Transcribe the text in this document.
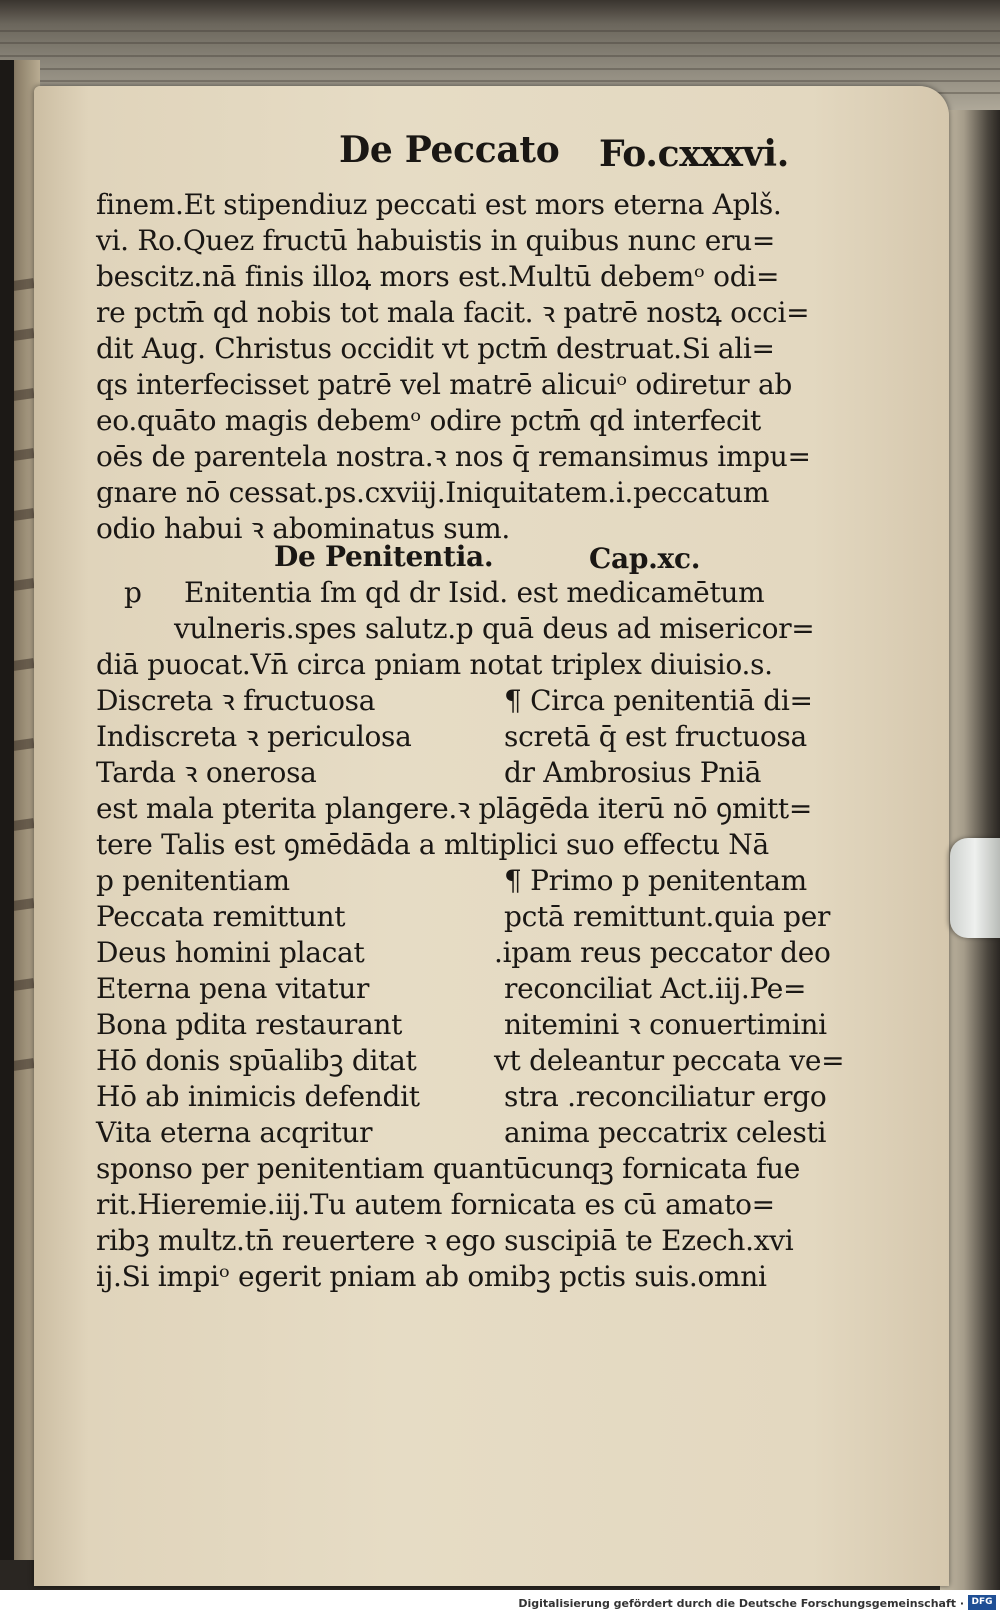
De Peccato Fo.cxxxvi.
finem.Et stipendiuz peccati est mors eterna Aplš.
vi. Ro.Quez fructū habuistis in quibus nunc eru=
bescitz.nā finis illoꝝ mors est.Multū debemᵒ odi=
re pctm̄ qd nobis tot mala facit. ꝛ patrē nostꝝ occi=
dit Aug. Christus occidit vt pctm̄ destruat.Si ali=
qs interfecisset patrē vel matrē alicuiᵒ odiretur ab
eo.quāto magis debemᵒ odire pctm̄ qd interfecit
oēs de parentela nostra.ꝛ nos q̄ remansimus impu=
gnare nō cessat.ps.cxviij.Iniquitatem.i.peccatum
odio habui ꝛ abominatus sum.
De Penitentia.	Cap.xc.
p Enitentia ſm qd dr Isid. est medicamētum
vulneris.spes salutz.p quā deus ad misericor=
diā puocat.Vn̄ circa pniam notat triplex diuisio.s.
Discreta ꝛ fructuosa
Indiscreta ꝛ periculosa
Tarda ꝛ onerosa
¶ Circa penitentiā di=
scretā q̄ est fructuosa
dr Ambrosius Pniā
est mala pterita plangere.ꝛ plāgēda iterū nō ꝯmitt=
tere Talis est ꝯmēdāda a mltiplici suo effectu Nā
p penitentiam
Peccata remittunt
Deus homini placat
Eterna pena vitatur
Bona pdita restaurant
Hō donis spūalibꝫ ditat
Hō ab inimicis defendit
Vita eterna acqritur
¶ Primo p penitentam
pctā remittunt.quia per
.ipam reus peccator deo
reconciliat Act.iij.Pe=
nitemini ꝛ conuertimini
vt deleantur peccata ve=
stra .reconciliatur ergo
anima peccatrix celesti
sponso per penitentiam quantūcunqꝫ fornicata fue
rit.Hieremie.iij.Tu autem fornicata es cū amato=
ribꝫ multz.tn̄ reuertere ꝛ ego suscipiā te Ezech.xvi
ij.Si impiᵒ egerit pniam ab omibꝫ pctis suis.omni
Digitalisierung gefördert durch die Deutsche Forschungsgemeinschaft · DFG
